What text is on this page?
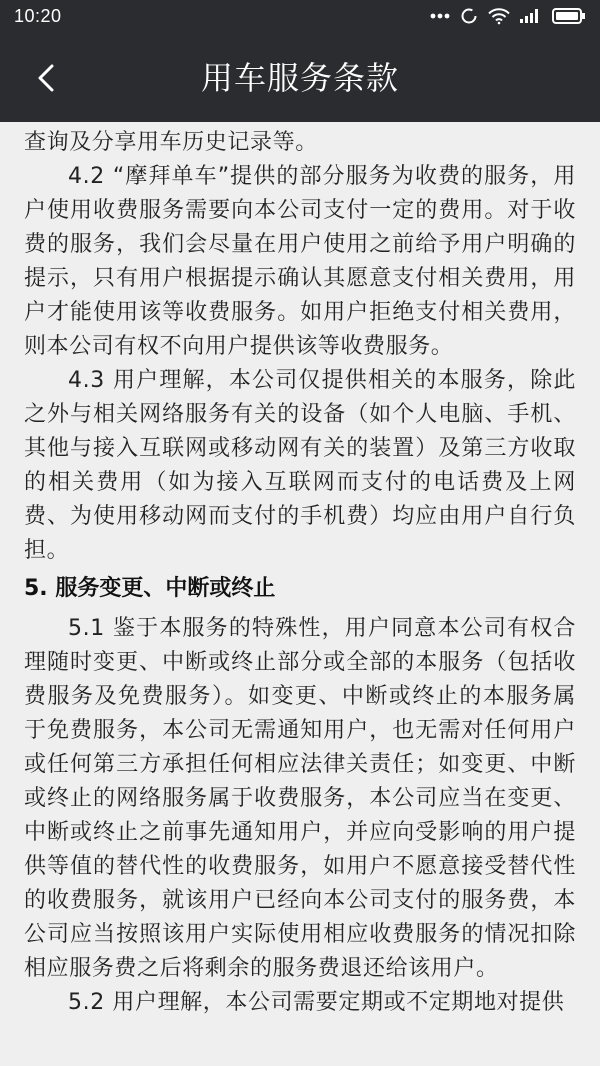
10:20
用车服务条款

查询及分享用车历史记录等。

4.2 “摩拜单车”提供的部分服务为收费的服务，用户使用收费服务需要向本公司支付一定的费用。对于收费的服务，我们会尽量在用户使用之前给予用户明确的提示，只有用户根据提示确认其愿意支付相关费用，用户才能使用该等收费服务。如用户拒绝支付相关费用，则本公司有权不向用户提供该等收费服务。

4.3 用户理解，本公司仅提供相关的本服务，除此之外与相关网络服务有关的设备（如个人电脑、手机、其他与接入互联网或移动网有关的装置）及第三方收取的相关费用（如为接入互联网而支付的电话费及上网费、为使用移动网而支付的手机费）均应由用户自行负担。

5. 服务变更、中断或终止

5.1 鉴于本服务的特殊性，用户同意本公司有权合理随时变更、中断或终止部分或全部的本服务（包括收费服务及免费服务）。如变更、中断或终止的本服务属于免费服务，本公司无需通知用户，也无需对任何用户或任何第三方承担任何相应法律关责任；如变更、中断或终止的网络服务属于收费服务，本公司应当在变更、中断或终止之前事先通知用户，并应向受影响的用户提供等值的替代性的收费服务，如用户不愿意接受替代性的收费服务，就该用户已经向本公司支付的服务费，本公司应当按照该用户实际使用相应收费服务的情况扣除相应服务费之后将剩余的服务费退还给该用户。

5.2 用户理解，本公司需要定期或不定期地对提供
